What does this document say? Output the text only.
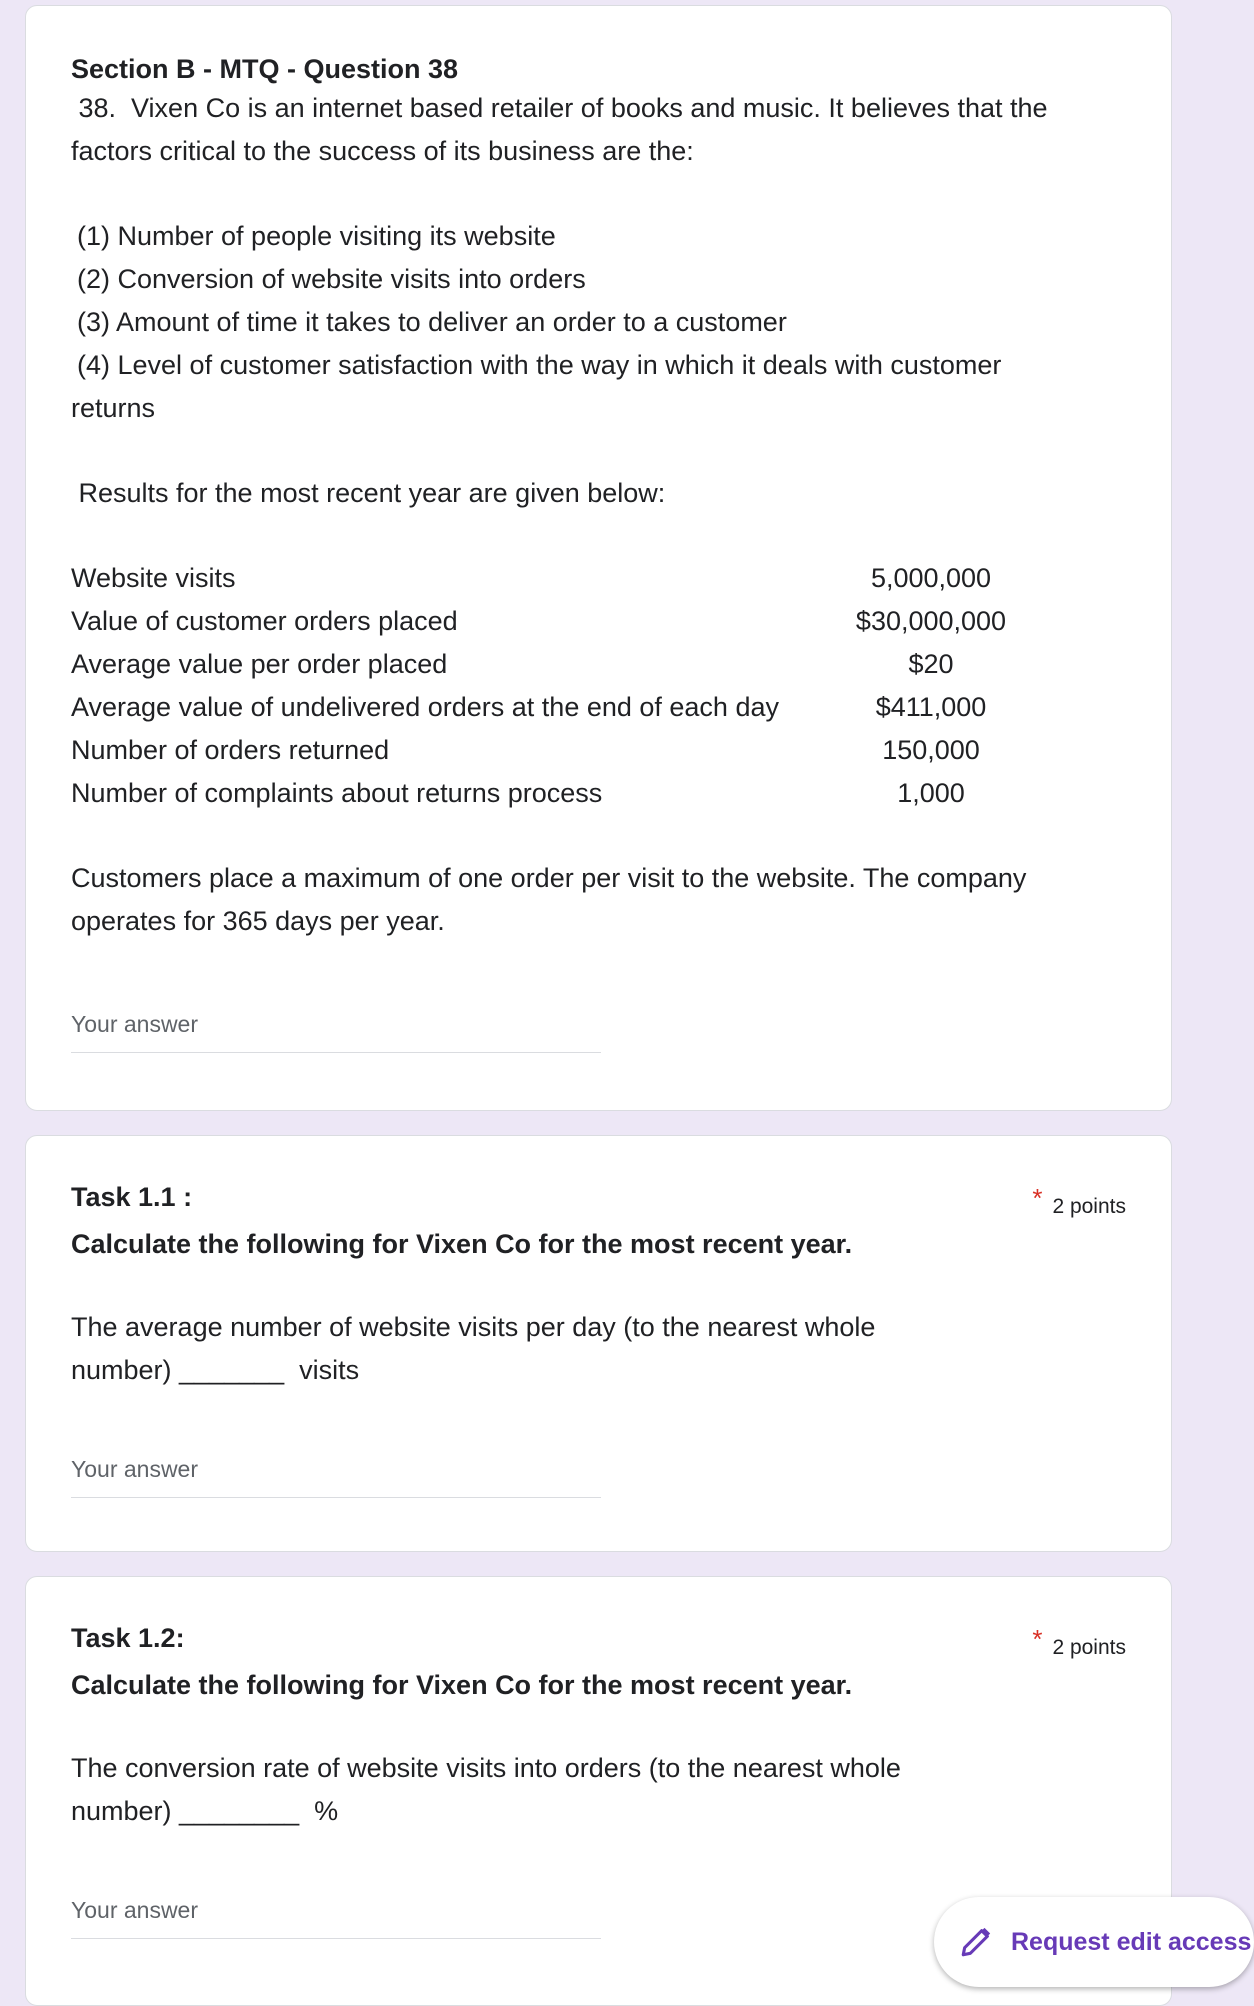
Section B - MTQ - Question 38
38.  Vixen Co is an internet based retailer of books and music. It believes that the
factors critical to the success of its business are the:
(1) Number of people visiting its website
(2) Conversion of website visits into orders
(3) Amount of time it takes to deliver an order to a customer
(4) Level of customer satisfaction with the way in which it deals with customer
returns
Results for the most recent year are given below:
Website visits	5,000,000
Value of customer orders placed	$30,000,000
Average value per order placed	$20
Average value of undelivered orders at the end of each day	$411,000
Number of orders returned	150,000
Number of complaints about returns process	1,000
Customers place a maximum of one order per visit to the website. The company
operates for 365 days per year.
Your answer
* 2 points
Task 1.1 :
Calculate the following for Vixen Co for the most recent year.
The average number of website visits per day (to the nearest whole
number) _______  visits
Your answer
* 2 points
Task 1.2:
Calculate the following for Vixen Co for the most recent year.
The conversion rate of website visits into orders (to the nearest whole
number) ________  %
Your answer
Request edit access
